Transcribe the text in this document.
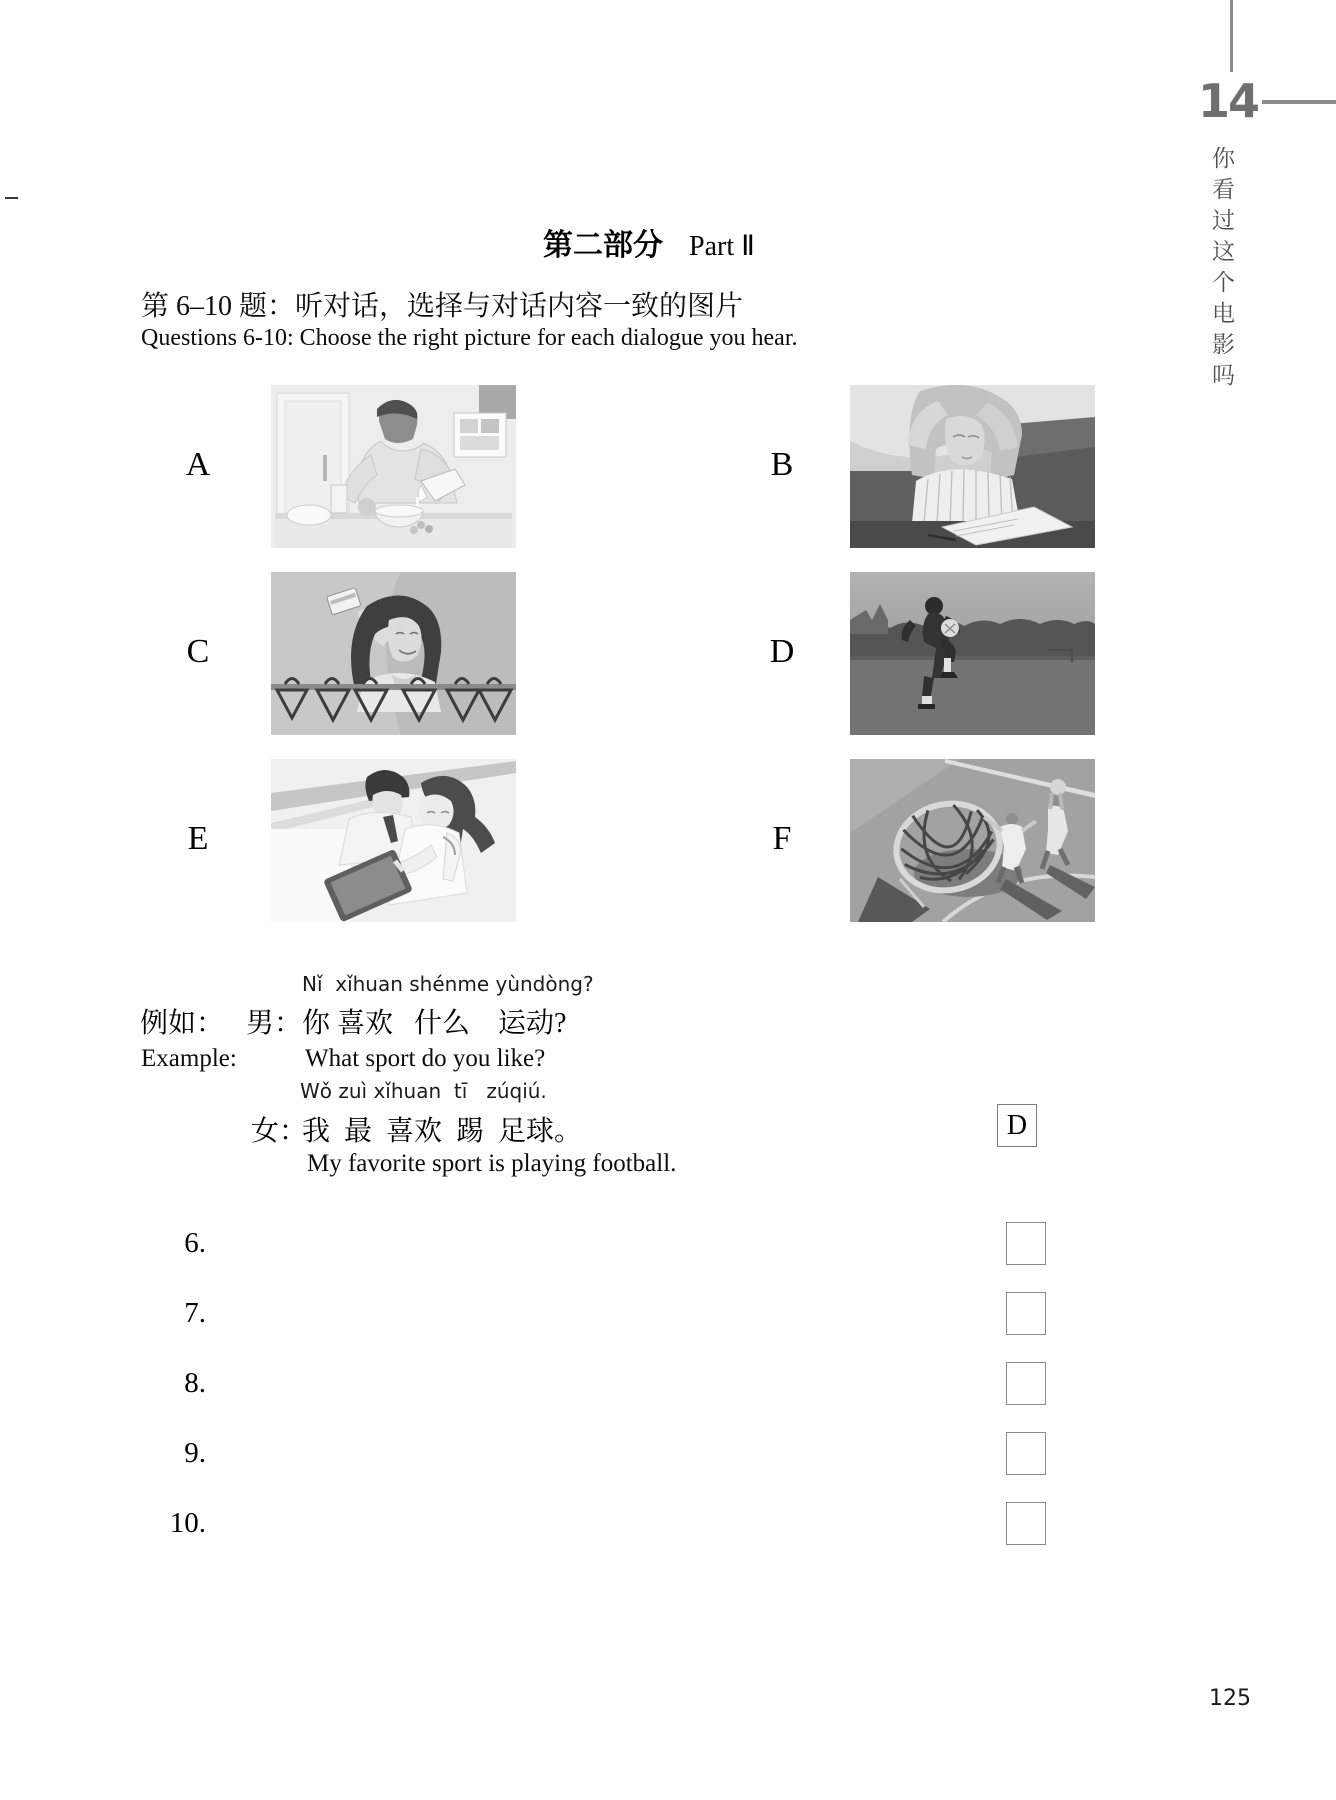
14
你看过这个电影吗
第二部分 Part Ⅱ
第 6–10 题：听对话，选择与对话内容一致的图片
Questions 6-10: Choose the right picture for each dialogue you hear.
A	B
C	D
E	F
Nǐ  xǐhuan shénme yùndòng?
例如： 男： 你 喜欢   什么    运动?
Example:	What sport do you like?
Wǒ zuì xǐhuan  tī   zúqiú.
女：
我  最  喜欢  踢  足球。
My favorite sport is playing football.
D
6.
7.
8.
9.
10.
125
